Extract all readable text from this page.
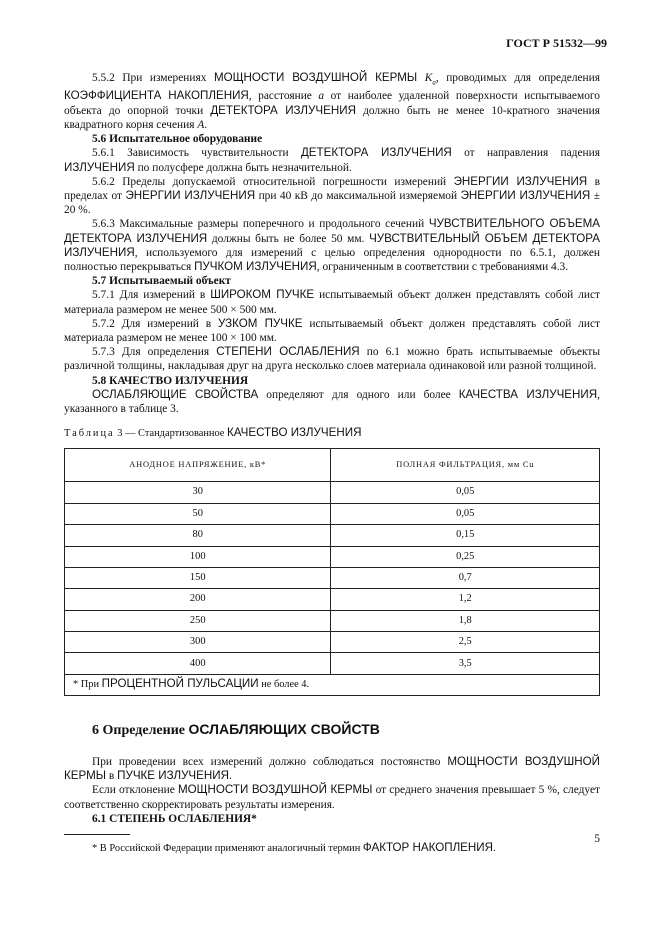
ГОСТ Р 51532—99

5.5.2 При измерениях МОЩНОСТИ ВОЗДУШНОЙ КЕРМЫ $K_a$, проводимых для определения КОЭФФИЦИЕНТА НАКОПЛЕНИЯ, расстояние a от наиболее удаленной поверхности испытываемого объекта до опорной точки ДЕТЕКТОРА ИЗЛУЧЕНИЯ должно быть не менее 10-кратного значения квадратного корня сечения A.

5.6 Испытательное оборудование

5.6.1 Зависимость чувствительности ДЕТЕКТОРА ИЗЛУЧЕНИЯ от направления падения ИЗЛУЧЕНИЯ по полусфере должна быть незначительной.

5.6.2 Пределы допускаемой относительной погрешности измерений ЭНЕРГИИ ИЗЛУЧЕНИЯ в пределах от ЭНЕРГИИ ИЗЛУЧЕНИЯ при 40 кВ до максимальной измеряемой ЭНЕРГИИ ИЗЛУЧЕНИЯ ± 20 %.

5.6.3 Максимальные размеры поперечного и продольного сечений ЧУВСТВИТЕЛЬНОГО ОБЪЕМА ДЕТЕКТОРА ИЗЛУЧЕНИЯ должны быть не более 50 мм. ЧУВСТВИТЕЛЬНЫЙ ОБЪЕМ ДЕТЕКТОРА ИЗЛУЧЕНИЯ, используемого для измерений с целью определения однородности по 6.5.1, должен полностью перекрываться ПУЧКОМ ИЗЛУЧЕНИЯ, ограниченным в соответствии с требованиями 4.3.

5.7 Испытываемый объект

5.7.1 Для измерений в ШИРОКОМ ПУЧКЕ испытываемый объект должен представлять собой лист материала размером не менее 500 × 500 мм.

5.7.2 Для измерений в УЗКОМ ПУЧКЕ испытываемый объект должен представлять собой лист материала размером не менее 100 × 100 мм.

5.7.3 Для определения СТЕПЕНИ ОСЛАБЛЕНИЯ по 6.1 можно брать испытываемые объекты различной толщины, накладывая друг на друга несколько слоев материала одинаковой или разной толщиной.

5.8 КАЧЕСТВО ИЗЛУЧЕНИЯ

ОСЛАБЛЯЮЩИЕ СВОЙСТВА определяют для одного или более КАЧЕСТВА ИЗЛУЧЕНИЯ, указанного в таблице 3.

Таблица 3 — Стандартизованное КАЧЕСТВО ИЗЛУЧЕНИЯ

АНОДНОЕ НАПРЯЖЕНИЕ, кВ*	ПОЛНАЯ ФИЛЬТРАЦИЯ, мм Cu
30	0,05
50	0,05
80	0,15
100	0,25
150	0,7
200	1,2
250	1,8
300	2,5
400	3,5
* При ПРОЦЕНТНОЙ ПУЛЬСАЦИИ не более 4.	
6 Определение ОСЛАБЛЯЮЩИХ СВОЙСТВ

При проведении всех измерений должно соблюдаться постоянство МОЩНОСТИ ВОЗДУШНОЙ КЕРМЫ в ПУЧКЕ ИЗЛУЧЕНИЯ.

Если отклонение МОЩНОСТИ ВОЗДУШНОЙ КЕРМЫ от среднего значения превышает 5 %, следует соответственно скорректировать результаты измерения.

6.1 СТЕПЕНЬ ОСЛАБЛЕНИЯ*

* В Российской Федерации применяют аналогичный термин ФАКТОР НАКОПЛЕНИЯ.

5
